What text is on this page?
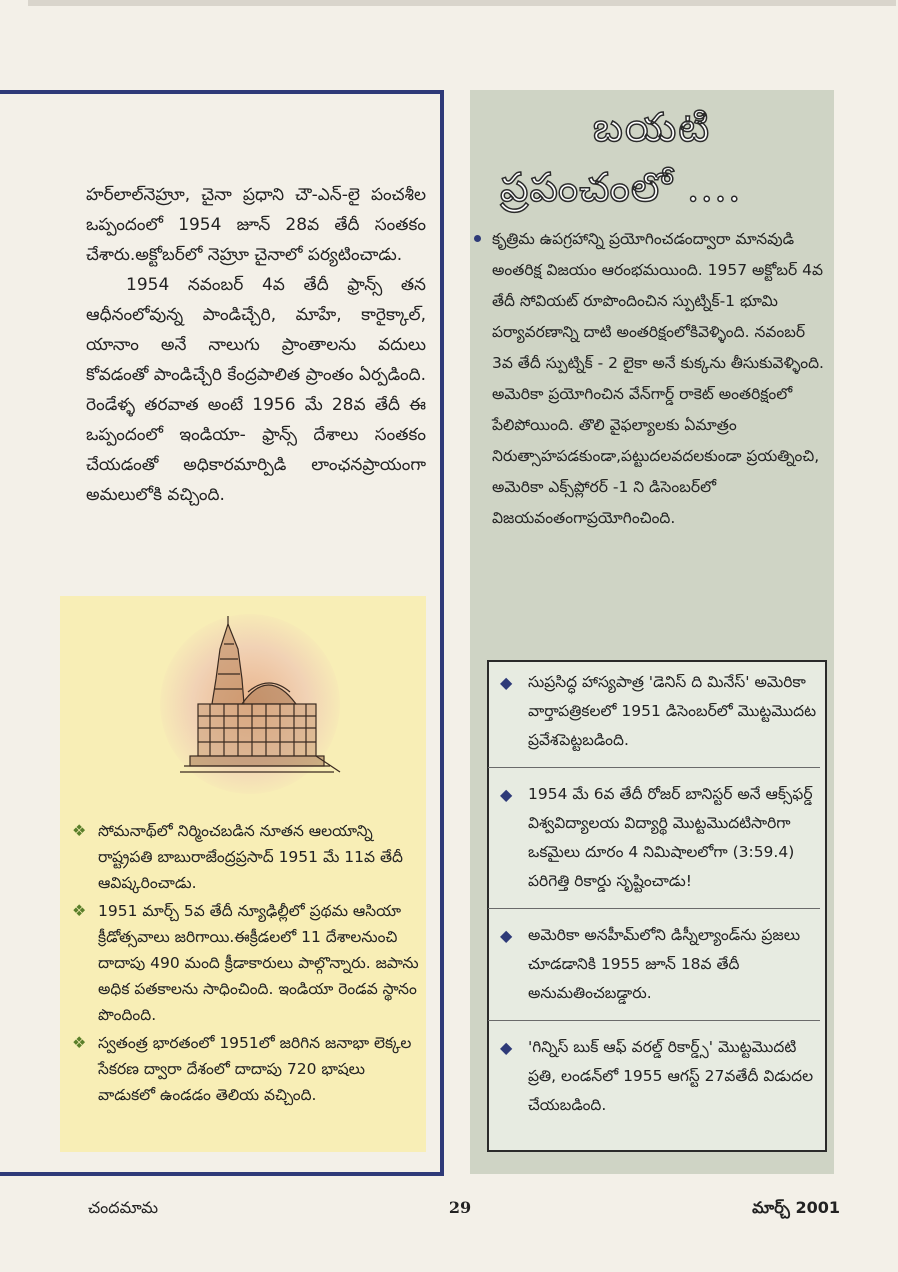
హర్‌లాల్‌నెహ్రూ, చైనా ప్రధాని చౌ-ఎన్-లై పంచశీల ఒప్పందంలో 1954 జూన్ 28వ తేదీ సంతకం చేశారు.అక్టోబర్‌లో నెహ్రూ చైనాలో పర్యటించాడు.

1954 నవంబర్ 4వ తేదీ ఫ్రాన్స్ తన ఆధీనంలోవున్న పాండిచ్చేరి, మాహే, కారైక్కాల్, యానాం అనే నాలుగు ప్రాంతాలను వదులు కోవడంతో పాండిచ్చేరి కేంద్రపాలిత ప్రాంతం ఏర్పడింది. రెండేళ్ళ తరవాత అంటే 1956 మే 28వ తేదీ ఈ ఒప్పందంలో ఇండియా- ఫ్రాన్స్ దేశాలు సంతకం చేయడంతో అధికారమార్పిడి లాంఛనప్రాయంగా అమలులోకి వచ్చింది.

❖ సోమనాథ్‌లో నిర్మించబడిన నూతన ఆలయాన్ని రాష్ట్రపతి బాబురాజేంద్రప్రసాద్ 1951 మే 11వ తేదీ ఆవిష్కరించాడు.
❖ 1951 మార్చ్ 5వ తేదీ న్యూఢిల్లీలో ప్రథమ ఆసియా క్రీడోత్సవాలు జరిగాయి.ఈక్రీడలలో 11 దేశాలనుంచి దాదాపు 490 మంది క్రీడాకారులు పాల్గొన్నారు. జపాను అధిక పతకాలను సాధించింది. ఇండియా రెండవ స్థానం పొందింది.
❖ స్వతంత్ర భారతంలో 1951లో జరిగిన జనాభా లెక్కల సేకరణ ద్వారా దేశంలో దాదాపు 720 భాషలు వాడుకలో ఉండడం తెలియ వచ్చింది.
బయటి
ప్రపంచంలో ....
కృత్రిమ ఉపగ్రహాన్ని ప్రయోగించడంద్వారా మానవుడి అంతరిక్ష విజయం ఆరంభమయింది. 1957 అక్టోబర్ 4వ తేదీ సోవియట్ రూపొందించిన స్పుట్నిక్-1 భూమి పర్యావరణాన్ని దాటి అంతరిక్షంలోకివెళ్ళింది. నవంబర్ 3వ తేదీ స్పుట్నిక్ - 2 లైకా అనే కుక్కను తీసుకువెళ్ళింది. అమెరికా ప్రయోగించిన వేన్‌గార్డ్ రాకెట్ అంతరిక్షంలో పేలిపోయింది. తొలి వైఫల్యాలకు ఏమాత్రం నిరుత్సాహపడకుండా,పట్టుదలవదలకుండా ప్రయత్నించి, అమెరికా ఎక్స్‌ప్లోరర్ -1 ని డిసెంబర్‌లో విజయవంతంగాప్రయోగించింది.
◆ సుప్రసిద్ధ హాస్యపాత్ర 'డెనిస్ ది మినేస్' అమెరికా వార్తాపత్రికలలో 1951 డిసెంబర్‌లో మొట్టమొదట ప్రవేశపెట్టబడింది.
◆ 1954 మే 6వ తేదీ రోజర్ బానిస్టర్ అనే ఆక్స్‌ఫర్డ్ విశ్వవిద్యాలయ విద్యార్థి మొట్టమొదటిసారిగా ఒకమైలు దూరం 4 నిమిషాలలోగా (3:59.4) పరిగెత్తి రికార్డు సృష్టించాడు!
◆ అమెరికా అనహీమ్‌లోని డిస్నీల్యాండ్‌ను ప్రజలు చూడడానికి 1955 జూన్ 18వ తేదీ అనుమతించబడ్డారు.
◆ 'గిన్నిస్ బుక్ ఆఫ్ వరల్డ్ రికార్డ్స్' మొట్టమొదటి ప్రతి, లండన్‌లో 1955 ఆగస్ట్ 27వతేదీ విడుదల చేయబడింది.
చందమామ	29	మార్చ్ 2001
